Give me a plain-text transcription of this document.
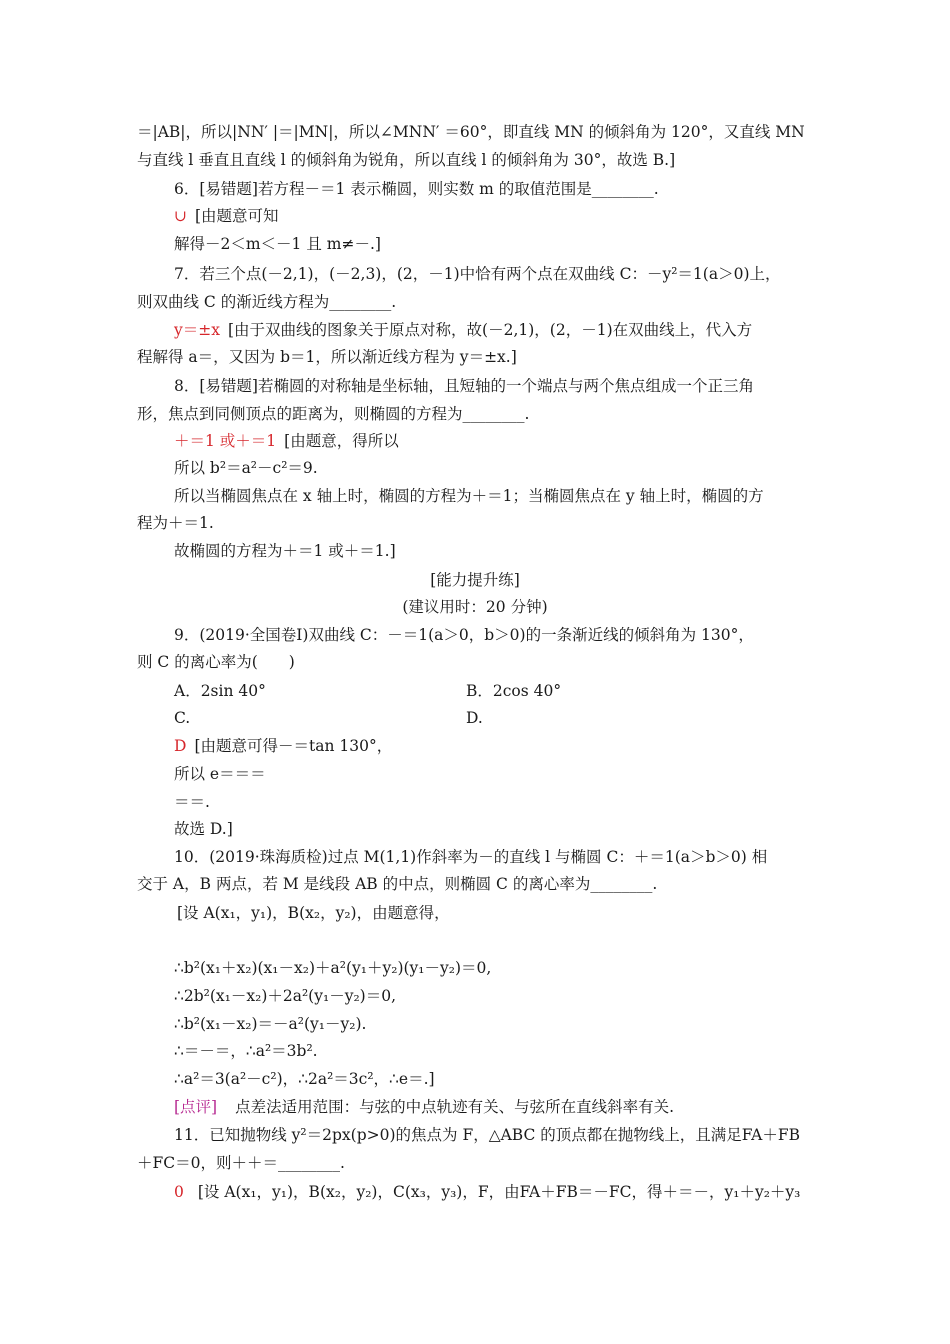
＝|AB|，所以|NN′ |＝|MN|，所以∠MNN′ ＝60°，即直线 MN 的倾斜角为 120°，又直线 MN
与直线 l 垂直且直线 l 的倾斜角为锐角，所以直线 l 的倾斜角为 30°，故选 B.]
6．[易错题]若方程－＝1 表示椭圆，则实数 m 的取值范围是________.
∪ [由题意可知
解得－2＜m＜－1 且 m≠－.]
7．若三个点(－2,1)，(－2,3)，(2，－1)中恰有两个点在双曲线 C：－y²＝1(a＞0)上，
则双曲线 C 的渐近线方程为________.
y＝±x [由于双曲线的图象关于原点对称，故(－2,1)，(2，－1)在双曲线上，代入方
程解得 a＝，又因为 b＝1，所以渐近线方程为 y＝±x.]
8．[易错题]若椭圆的对称轴是坐标轴，且短轴的一个端点与两个焦点组成一个正三角
形，焦点到同侧顶点的距离为，则椭圆的方程为________.
＋＝1 或＋＝1 [由题意，得所以
所以 b²＝a²－c²＝9.
所以当椭圆焦点在 x 轴上时，椭圆的方程为＋＝1；当椭圆焦点在 y 轴上时，椭圆的方
程为＋＝1.
故椭圆的方程为＋＝1 或＋＝1.]
[能力提升练]
(建议用时：20 分钟)
9．(2019·全国卷Ⅰ)双曲线 C：－＝1(a＞0，b＞0)的一条渐近线的倾斜角为 130°，
则 C 的离心率为(　　)
A．2sin 40°	B．2cos 40°
C.	D.
D [由题意可得－＝tan 130°，
所以 e＝＝＝
＝＝.
故选 D.]
10．(2019·珠海质检)过点 M(1,1)作斜率为－的直线 l 与椭圆 C：＋＝1(a＞b＞0) 相
交于 A，B 两点，若 M 是线段 AB 的中点，则椭圆 C 的离心率为________.
[设 A(x₁，y₁)，B(x₂，y₂)，由题意得，
∴b²(x₁＋x₂)(x₁－x₂)＋a²(y₁＋y₂)(y₁－y₂)＝0,
∴2b²(x₁－x₂)＋2a²(y₁－y₂)＝0,
∴b²(x₁－x₂)＝－a²(y₁－y₂).
∴＝－＝，∴a²＝3b².
∴a²＝3(a²－c²)，∴2a²＝3c²，∴e＝.]
[点评] 点差法适用范围：与弦的中点轨迹有关、与弦所在直线斜率有关.
11．已知抛物线 y²＝2px(p>0)的焦点为 F，△ABC 的顶点都在抛物线上，且满足FA＋FB
＋FC＝0，则＋＋＝________.
0 [设 A(x₁，y₁)，B(x₂，y₂)，C(x₃，y₃)，F，由FA＋FB＝－FC，得＋＝－，y₁＋y₂＋y₃
